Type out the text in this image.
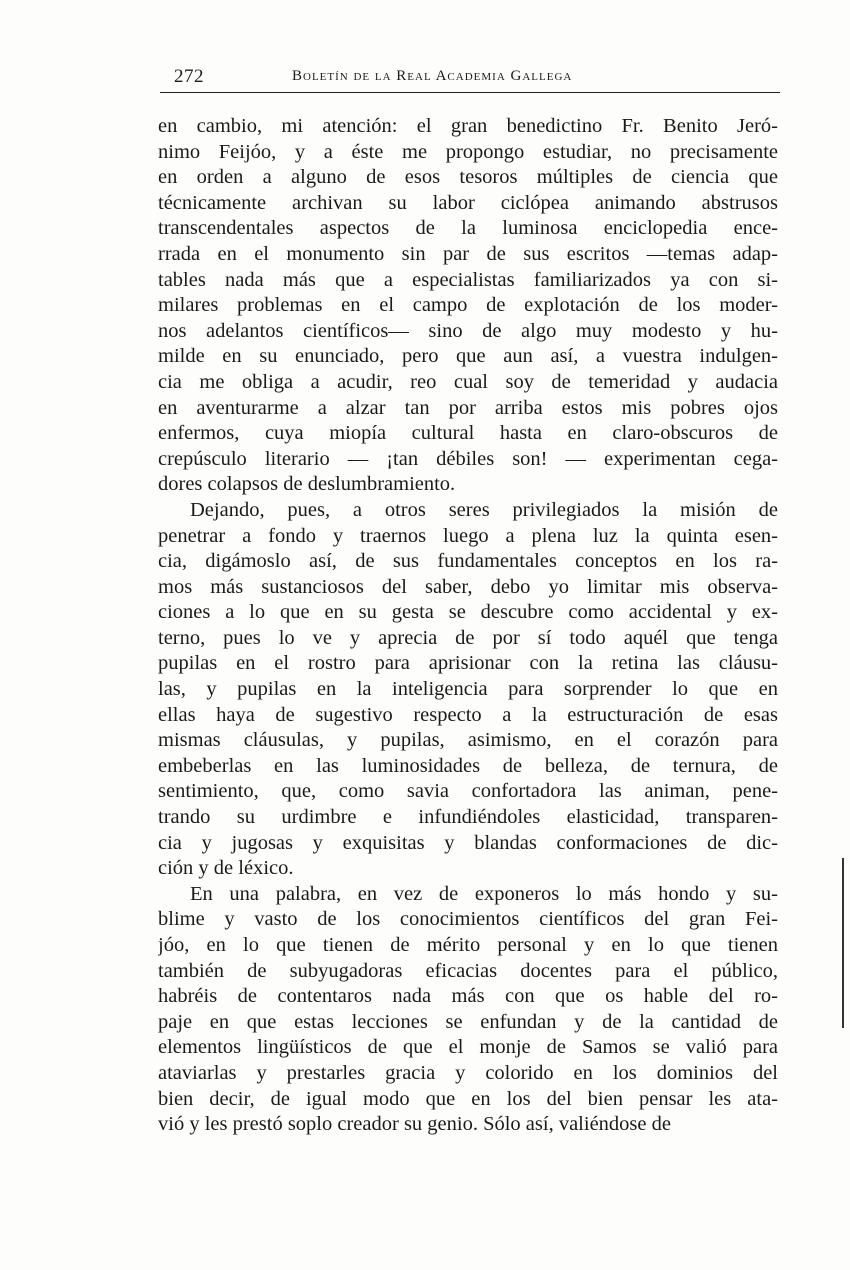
272	Boletín de la Real Academia Gallega
en cambio, mi atención: el gran benedictino Fr. Benito Jeró-
nimo Feijóo, y a éste me propongo estudiar, no precisamente
en orden a alguno de esos tesoros múltiples de ciencia que
técnicamente archivan su labor ciclópea animando abstrusos
transcendentales aspectos de la luminosa enciclopedia ence-
rrada en el monumento sin par de sus escritos —temas adap-
tables nada más que a especialistas familiarizados ya con si-
milares problemas en el campo de explotación de los moder-
nos adelantos científicos— sino de algo muy modesto y hu-
milde en su enunciado, pero que aun así, a vuestra indulgen-
cia me obliga a acudir, reo cual soy de temeridad y audacia
en aventurarme a alzar tan por arriba estos mis pobres ojos
enfermos, cuya miopía cultural hasta en claro-obscuros de
crepúsculo literario — ¡tan débiles son! — experimentan cega-
dores colapsos de deslumbramiento.
Dejando, pues, a otros seres privilegiados la misión de
penetrar a fondo y traernos luego a plena luz la quinta esen-
cia, digámoslo así, de sus fundamentales conceptos en los ra-
mos más sustanciosos del saber, debo yo limitar mis observa-
ciones a lo que en su gesta se descubre como accidental y ex-
terno, pues lo ve y aprecia de por sí todo aquél que tenga
pupilas en el rostro para aprisionar con la retina las cláusu-
las, y pupilas en la inteligencia para sorprender lo que en
ellas haya de sugestivo respecto a la estructuración de esas
mismas cláusulas, y pupilas, asimismo, en el corazón para
embeberlas en las luminosidades de belleza, de ternura, de
sentimiento, que, como savia confortadora las animan, pene-
trando su urdimbre e infundiéndoles elasticidad, transparen-
cia y jugosas y exquisitas y blandas conformaciones de dic-
ción y de léxico.
En una palabra, en vez de exponeros lo más hondo y su-
blime y vasto de los conocimientos científicos del gran Fei-
jóo, en lo que tienen de mérito personal y en lo que tienen
también de subyugadoras eficacias docentes para el público,
habréis de contentaros nada más con que os hable del ro-
paje en que estas lecciones se enfundan y de la cantidad de
elementos lingüísticos de que el monje de Samos se valió para
ataviarlas y prestarles gracia y colorido en los dominios del
bien decir, de igual modo que en los del bien pensar les ata-
vió y les prestó soplo creador su genio. Sólo así, valiéndose de
